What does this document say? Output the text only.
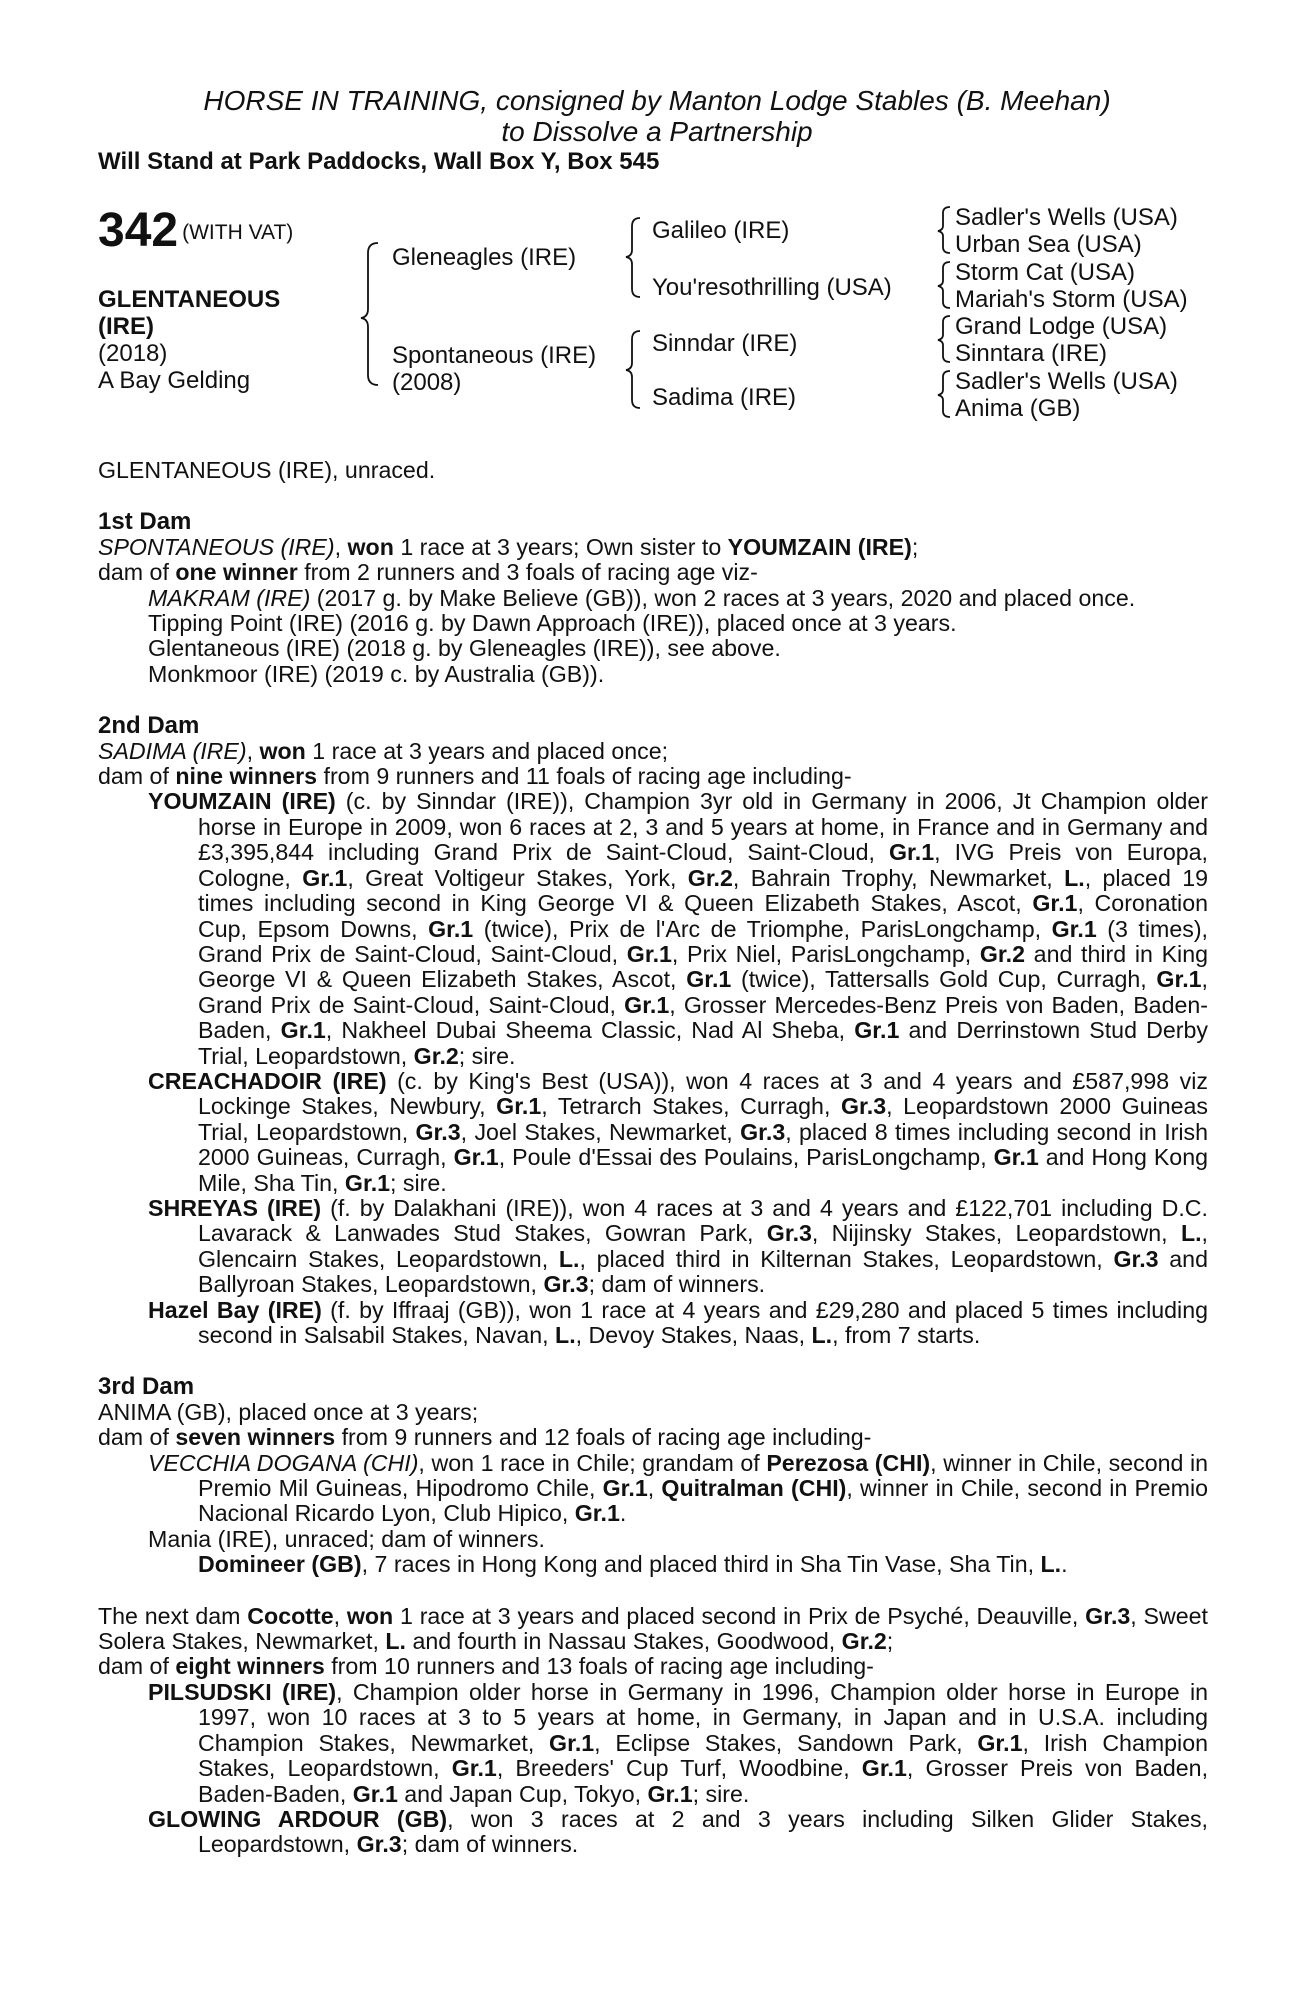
HORSE IN TRAINING, consigned by Manton Lodge Stables (B. Meehan)
to Dissolve a Partnership
Will Stand at Park Paddocks, Wall Box Y, Box 545
342 (WITH VAT)
GLENTANEOUS
(IRE)
(2018)
A Bay Gelding
Gleneagles (IRE)
Spontaneous (IRE)
(2008)
Galileo (IRE)
You'resothrilling (USA)
Sinndar (IRE)
Sadima (IRE)
Sadler's Wells (USA)
Urban Sea (USA)
Storm Cat (USA)
Mariah's Storm (USA)
Grand Lodge (USA)
Sinntara (IRE)
Sadler's Wells (USA)
Anima (GB)

GLENTANEOUS (IRE), unraced.

1st Dam

SPONTANEOUS (IRE), won 1 race at 3 years; Own sister to YOUMZAIN (IRE);

dam of one winner from 2 runners and 3 foals of racing age viz-

MAKRAM (IRE) (2017 g. by Make Believe (GB)), won 2 races at 3 years, 2020 and placed once.

Tipping Point (IRE) (2016 g. by Dawn Approach (IRE)), placed once at 3 years.

Glentaneous (IRE) (2018 g. by Gleneagles (IRE)), see above.

Monkmoor (IRE) (2019 c. by Australia (GB)).

2nd Dam

SADIMA (IRE), won 1 race at 3 years and placed once;

dam of nine winners from 9 runners and 11 foals of racing age including-

YOUMZAIN (IRE) (c. by Sinndar (IRE)), Champion 3yr old in Germany in 2006, Jt Champion older horse in Europe in 2009, won 6 races at 2, 3 and 5 years at home, in France and in Germany and £3,395,844 including Grand Prix de Saint-Cloud, Saint-Cloud, Gr.1, IVG Preis von Europa, Cologne, Gr.1, Great Voltigeur Stakes, York, Gr.2, Bahrain Trophy, Newmarket, L., placed 19 times including second in King George VI & Queen Elizabeth Stakes, Ascot, Gr.1, Coronation Cup, Epsom Downs, Gr.1 (twice), Prix de l'Arc de Triomphe, ParisLongchamp, Gr.1 (3 times), Grand Prix de Saint-Cloud, Saint-Cloud, Gr.1, Prix Niel, ParisLongchamp, Gr.2 and third in King George VI & Queen Elizabeth Stakes, Ascot, Gr.1 (twice), Tattersalls Gold Cup, Curragh, Gr.1, Grand Prix de Saint-Cloud, Saint-Cloud, Gr.1, Grosser Mercedes-Benz Preis von Baden, Baden-Baden, Gr.1, Nakheel Dubai Sheema Classic, Nad Al Sheba, Gr.1 and Derrinstown Stud Derby Trial, Leopardstown, Gr.2; sire.

CREACHADOIR (IRE) (c. by King's Best (USA)), won 4 races at 3 and 4 years and £587,998 viz Lockinge Stakes, Newbury, Gr.1, Tetrarch Stakes, Curragh, Gr.3, Leopardstown 2000 Guineas Trial, Leopardstown, Gr.3, Joel Stakes, Newmarket, Gr.3, placed 8 times including second in Irish 2000 Guineas, Curragh, Gr.1, Poule d'Essai des Poulains, ParisLongchamp, Gr.1 and Hong Kong Mile, Sha Tin, Gr.1; sire.

SHREYAS (IRE) (f. by Dalakhani (IRE)), won 4 races at 3 and 4 years and £122,701 including D.C. Lavarack & Lanwades Stud Stakes, Gowran Park, Gr.3, Nijinsky Stakes, Leopardstown, L., Glencairn Stakes, Leopardstown, L., placed third in Kilternan Stakes, Leopardstown, Gr.3 and Ballyroan Stakes, Leopardstown, Gr.3; dam of winners.

Hazel Bay (IRE) (f. by Iffraaj (GB)), won 1 race at 4 years and £29,280 and placed 5 times including second in Salsabil Stakes, Navan, L., Devoy Stakes, Naas, L., from 7 starts.

3rd Dam

ANIMA (GB), placed once at 3 years;

dam of seven winners from 9 runners and 12 foals of racing age including-

VECCHIA DOGANA (CHI), won 1 race in Chile; grandam of Perezosa (CHI), winner in Chile, second in Premio Mil Guineas, Hipodromo Chile, Gr.1, Quitralman (CHI), winner in Chile, second in Premio Nacional Ricardo Lyon, Club Hipico, Gr.1.

Mania (IRE), unraced; dam of winners.

Domineer (GB), 7 races in Hong Kong and placed third in Sha Tin Vase, Sha Tin, L..

The next dam Cocotte, won 1 race at 3 years and placed second in Prix de Psyché, Deauville, Gr.3, Sweet Solera Stakes, Newmarket, L. and fourth in Nassau Stakes, Goodwood, Gr.2;

dam of eight winners from 10 runners and 13 foals of racing age including-

PILSUDSKI (IRE), Champion older horse in Germany in 1996, Champion older horse in Europe in 1997, won 10 races at 3 to 5 years at home, in Germany, in Japan and in U.S.A. including Champion Stakes, Newmarket, Gr.1, Eclipse Stakes, Sandown Park, Gr.1, Irish Champion Stakes, Leopardstown, Gr.1, Breeders' Cup Turf, Woodbine, Gr.1, Grosser Preis von Baden, Baden-Baden, Gr.1 and Japan Cup, Tokyo, Gr.1; sire.

GLOWING ARDOUR (GB), won 3 races at 2 and 3 years including Silken Glider Stakes, Leopardstown, Gr.3; dam of winners.
